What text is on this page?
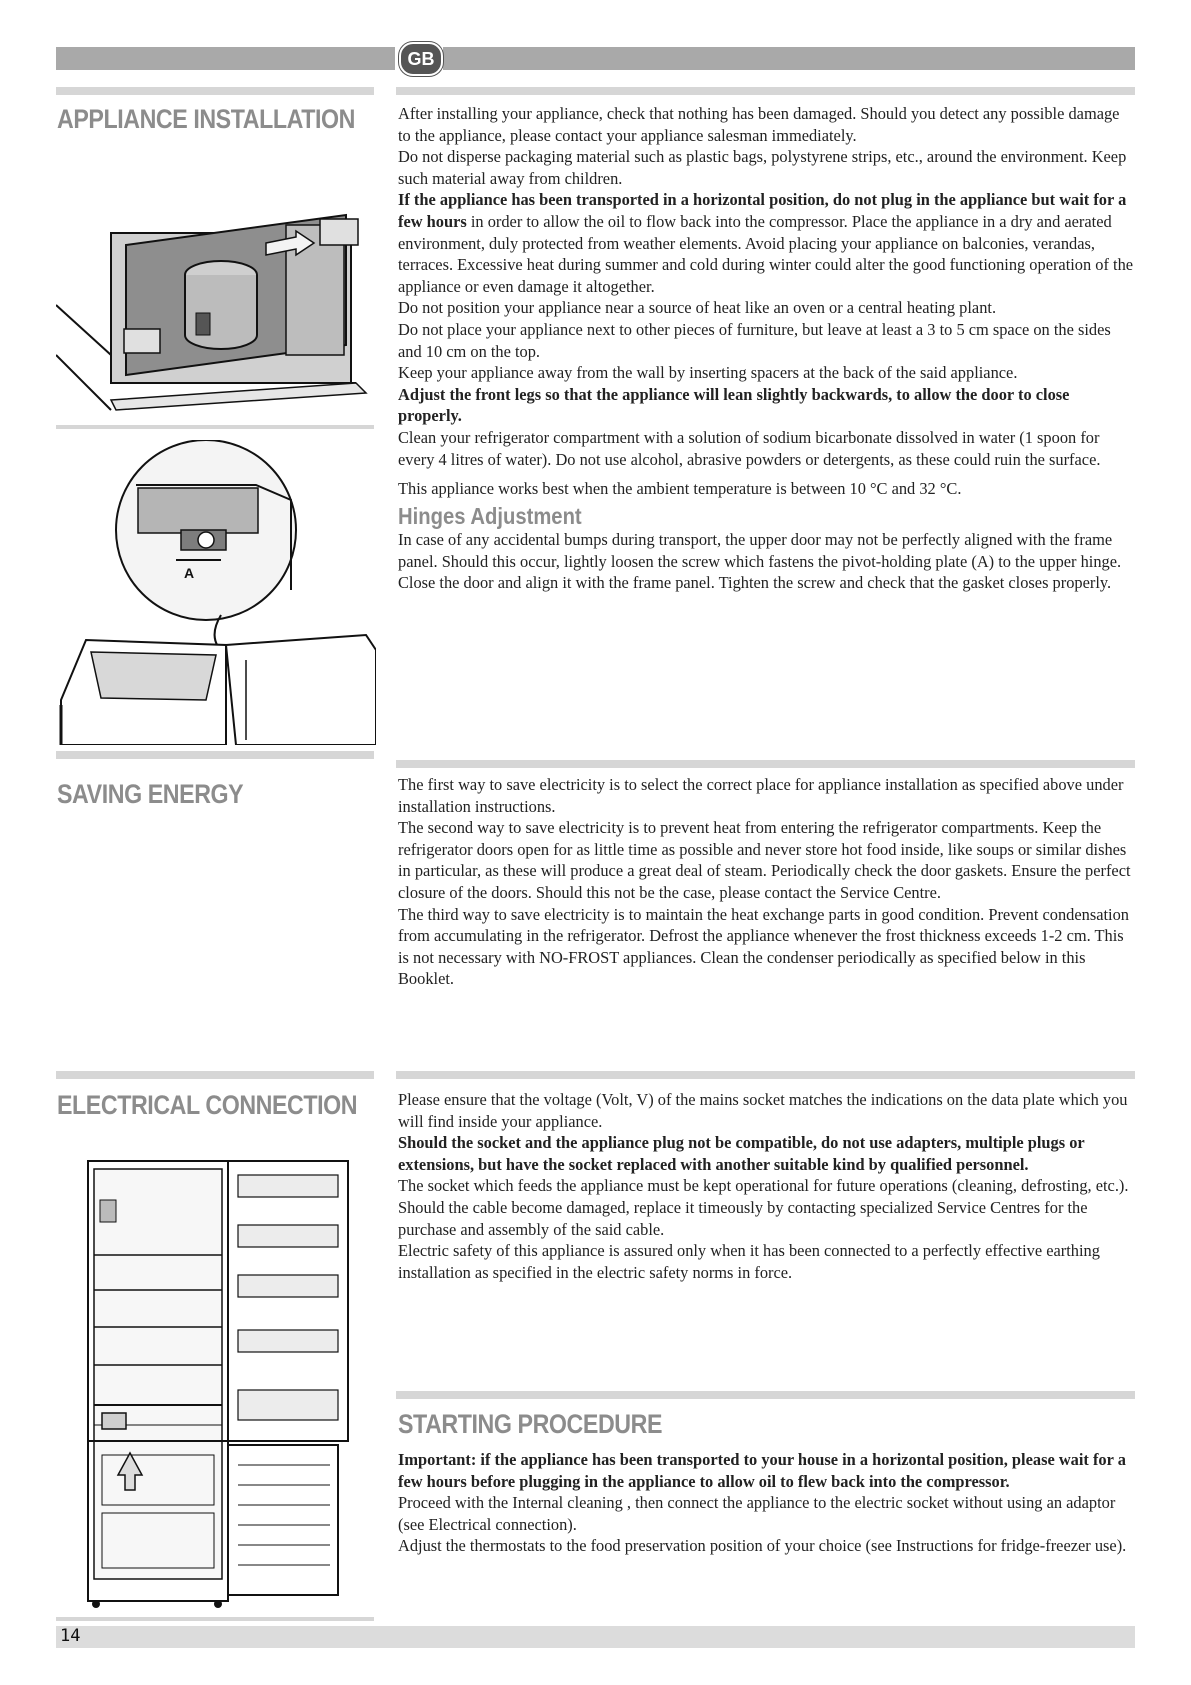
GB
APPLIANCE INSTALLATION
A

After installing your appliance, check that nothing has been damaged. Should you detect any possible damage to the appliance, please contact your appliance salesman immediately.

Do not disperse packaging material such as plastic bags, polystyrene strips, etc., around the environment. Keep such material away from children.

If the appliance has been transported in a horizontal position, do not plug in the appliance but wait for a few hours in order to allow the oil to flow back into the compressor. Place the appliance in a dry and aerated environment, duly protected from weather elements. Avoid placing your appliance on balconies, verandas, terraces. Excessive heat during summer and cold during winter could alter the good functioning operation of the appliance or even damage it altogether.

Do not position your appliance near a source of heat like an oven or a central heating plant.

Do not place your appliance next to other pieces of furniture, but leave at least a 3 to 5 cm space on the sides and 10 cm on the top.

Keep your appliance away from the wall by inserting spacers at the back of the said appliance.

Adjust the front legs so that the appliance will lean slightly backwards, to allow the door to close properly.

Clean your refrigerator compartment with a solution of sodium bicarbonate dissolved in water (1 spoon for every 4 litres of water). Do not use alcohol, abrasive powders or detergents, as these could ruin the surface.

This appliance works best when the ambient temperature is between 10 °C and 32 °C.

Hinges Adjustment

In case of any accidental bumps during transport, the upper door may not be perfectly aligned with the frame panel. Should this occur, lightly loosen the screw which fastens the pivot-holding plate (A) to the upper hinge. Close the door and align it with the frame panel. Tighten the screw and check that the gasket closes properly.

SAVING ENERGY	The first way to save electricity is to select the correct place for appliance installation as specified above under installation instructions.

The second way to save electricity is to prevent heat from entering the refrigerator compartments. Keep the refrigerator doors open for as little time as possible and never store hot food inside, like soups or similar dishes in particular, as these will produce a great deal of steam. Periodically check the door gaskets. Ensure the perfect closure of the doors. Should this not be the case, please contact the Service Centre.

The third way to save electricity is to maintain the heat exchange parts in good condition. Prevent condensation from accumulating in the refrigerator. Defrost the appliance whenever the frost thickness exceeds 1-2 cm. This is not necessary with NO-FROST appliances. Clean the condenser periodically as specified below in this Booklet.

ELECTRICAL CONNECTION Please ensure that the voltage (Volt, V) of the mains socket matches the indications on the data plate which you will find inside your appliance.

Should the socket and the appliance plug not be compatible, do not use adapters, multiple plugs or extensions, but have the socket replaced with another suitable kind by qualified personnel.

The socket which feeds the appliance must be kept operational for future operations (cleaning, defrosting, etc.).

Should the cable become damaged, replace it timeously by contacting specialized Service Centres for the purchase and assembly of the said cable.

Electric safety of this appliance is assured only when it has been connected to a perfectly effective earthing installation as specified in the electric safety norms in force.

STARTING PROCEDURE

Important: if the appliance has been transported to your house in a horizontal position, please wait for a few hours before plugging in the appliance to allow oil to flew back into the compressor.

Proceed with the Internal cleaning , then connect the appliance to the electric socket without using an adaptor (see Electrical connection).

Adjust the thermostats to the food preservation position of your choice (see Instructions for fridge-freezer use).

14
